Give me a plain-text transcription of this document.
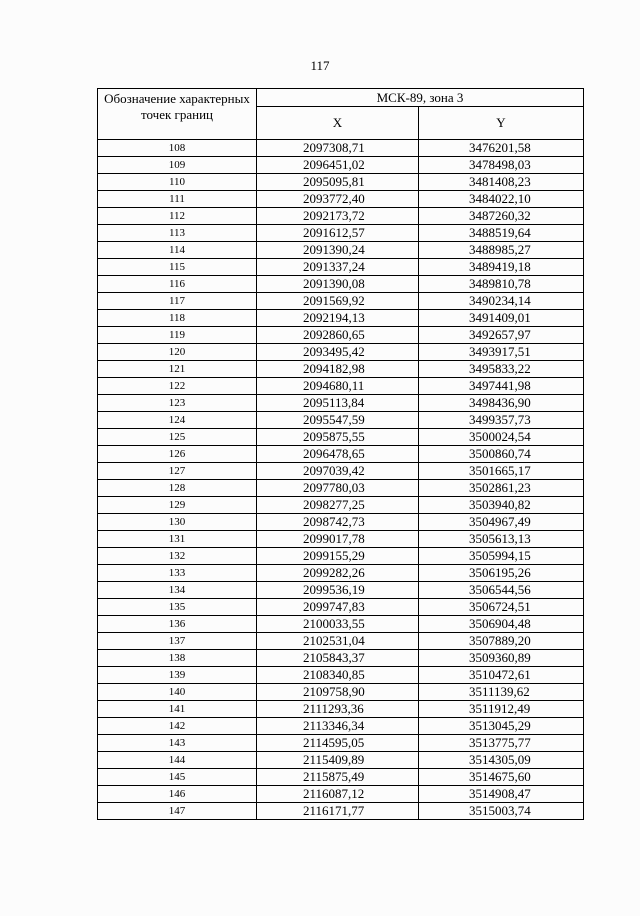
117
Обозначение характерных точек границ	МСК-89, зона 3	
	X	Y
108	2097308,71	3476201,58
109	2096451,02	3478498,03
110	2095095,81	3481408,23
111	2093772,40	3484022,10
112	2092173,72	3487260,32
113	2091612,57	3488519,64
114	2091390,24	3488985,27
115	2091337,24	3489419,18
116	2091390,08	3489810,78
117	2091569,92	3490234,14
118	2092194,13	3491409,01
119	2092860,65	3492657,97
120	2093495,42	3493917,51
121	2094182,98	3495833,22
122	2094680,11	3497441,98
123	2095113,84	3498436,90
124	2095547,59	3499357,73
125	2095875,55	3500024,54
126	2096478,65	3500860,74
127	2097039,42	3501665,17
128	2097780,03	3502861,23
129	2098277,25	3503940,82
130	2098742,73	3504967,49
131	2099017,78	3505613,13
132	2099155,29	3505994,15
133	2099282,26	3506195,26
134	2099536,19	3506544,56
135	2099747,83	3506724,51
136	2100033,55	3506904,48
137	2102531,04	3507889,20
138	2105843,37	3509360,89
139	2108340,85	3510472,61
140	2109758,90	3511139,62
141	2111293,36	3511912,49
142	2113346,34	3513045,29
143	2114595,05	3513775,77
144	2115409,89	3514305,09
145	2115875,49	3514675,60
146	2116087,12	3514908,47
147	2116171,77	3515003,74
